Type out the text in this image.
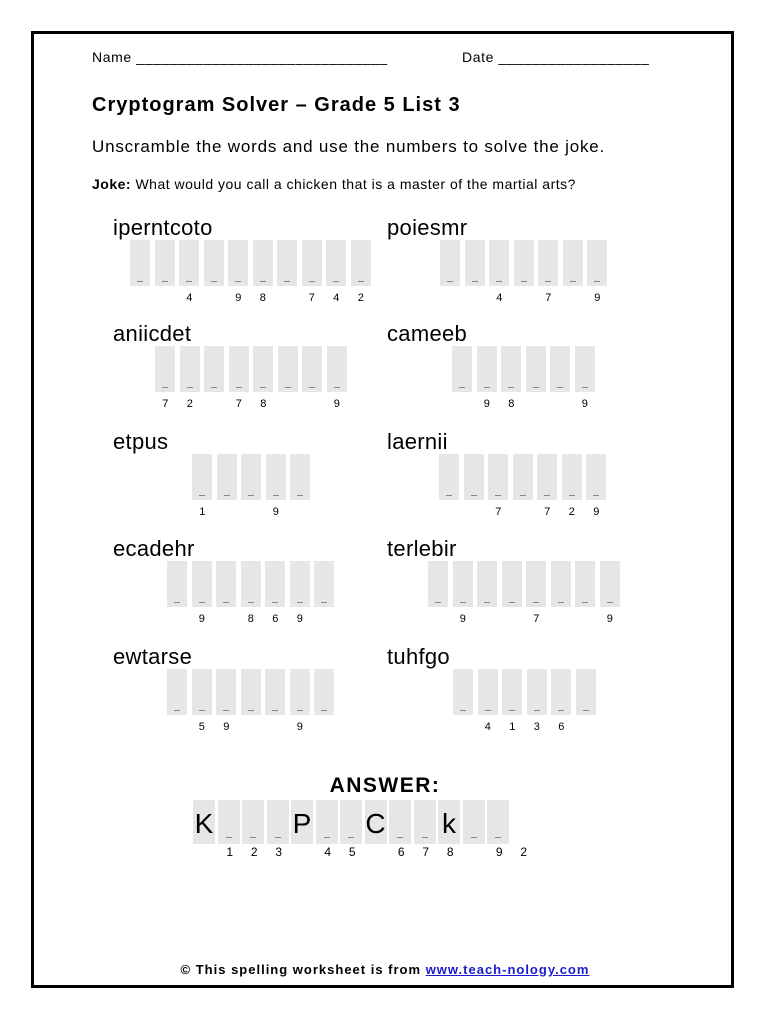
Name ______________________________	Date __________________
Cryptogram Solver – Grade 5 List 3
Unscramble the words and use the numbers to solve the joke.
Joke: What would you call a chicken that is a master of the martial arts?
iperntcoto
4	9	8	7	4	2
poiesmr
4	7	9
aniicdet
7	2	7	8	9
cameeb
9	8	9
etpus
1	9
laernii
7	7	2	9
ecadehr
9	8	6	9
terlebir
9	7	9
ewtarse
5	9	9
tuhfgo
4	1	3	6
ANSWER:
K	P C k
1	2	3	4	5	6	7	8	9	2
© This spelling worksheet is from www.teach-nology.com
